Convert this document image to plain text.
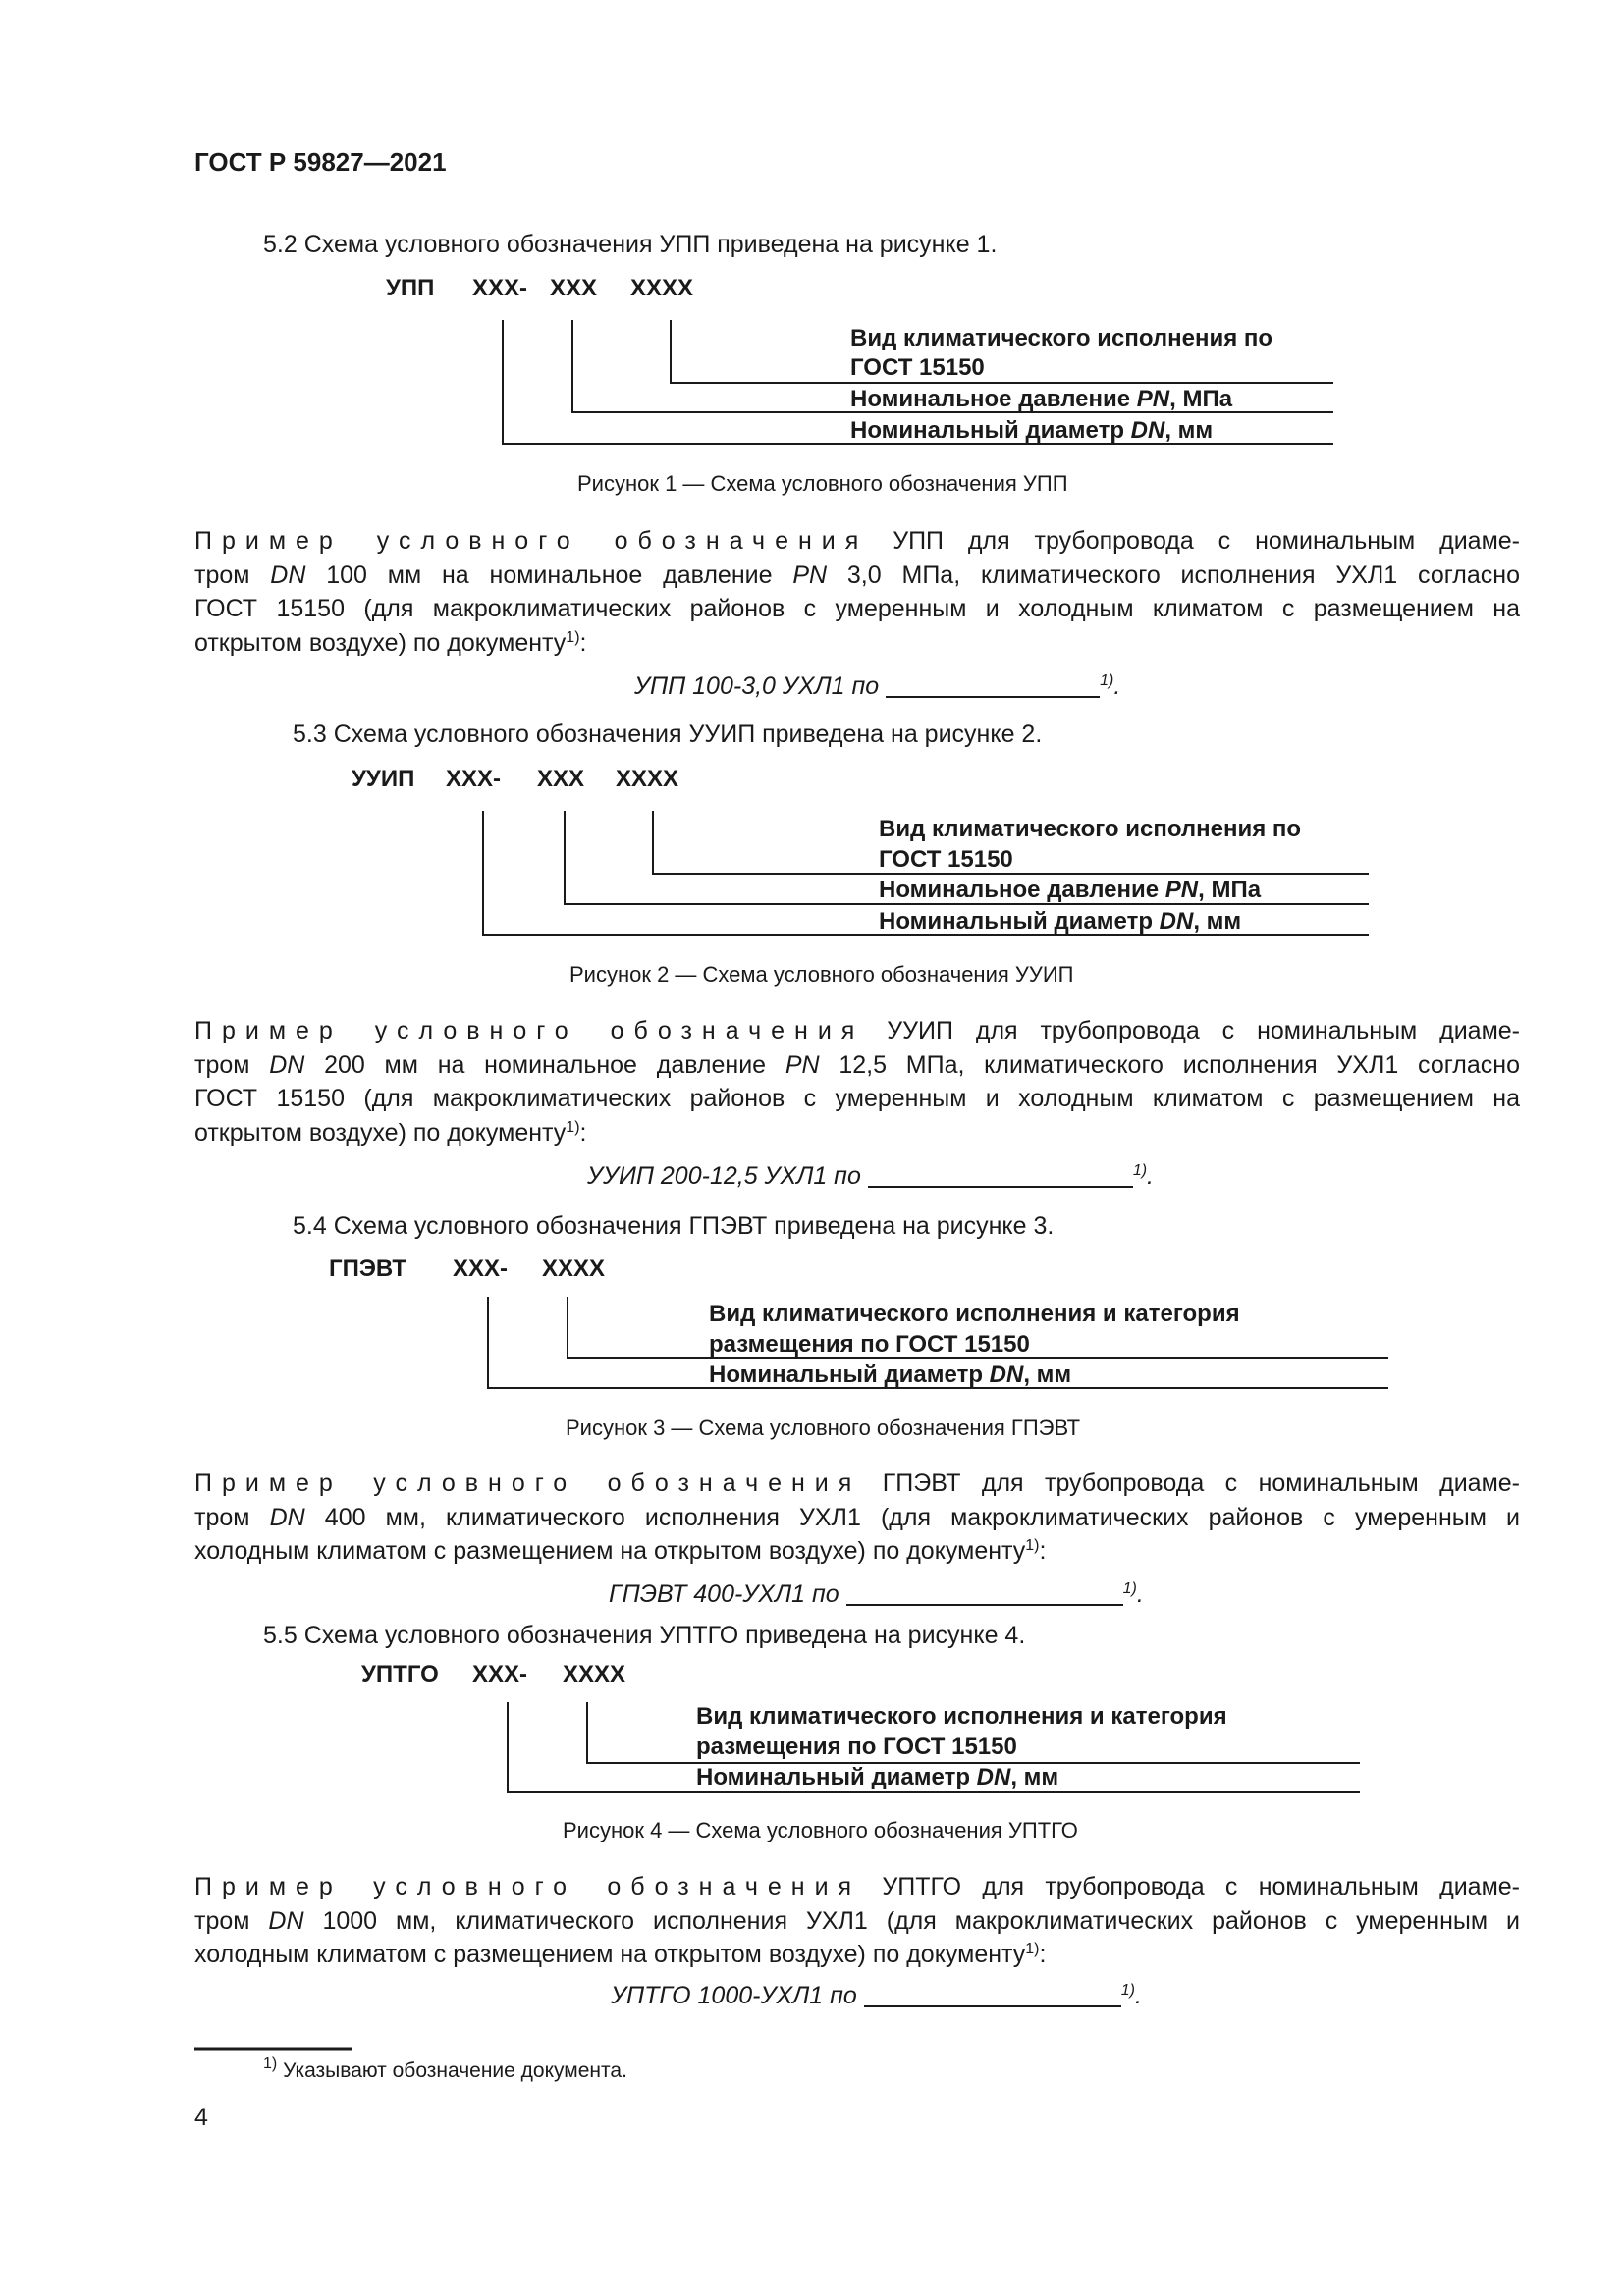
ГОСТ Р 59827—2021
5.2 Схема условного обозначения УПП приведена на рисунке 1.
УПП ХХХ- ХХХ ХХХХ
Вид климатического исполнения по
ГОСТ 15150
Номинальное давление PN, МПа
Номинальный диаметр DN, мм
Рисунок 1 — Схема условного обозначения УПП
Пример условного обозначения УПП для трубопровода с номинальным диаме-
тром DN 100 мм на номинальное давление PN 3,0 МПа, климатического исполнения УХЛ1 согласно
ГОСТ 15150 (для макроклиматических районов с умеренным и холодным климатом с размещением на
открытом воздухе) по документу$^{1)}$:
УПП 100-3,0 УХЛ1 по	$^{1)}$.
5.3 Схема условного обозначения УУИП приведена на рисунке 2.
УУИП ХХХ- ХХХ ХХХХ
Вид климатического исполнения по
ГОСТ 15150
Номинальное давление PN, МПа
Номинальный диаметр DN, мм
Рисунок 2 — Схема условного обозначения УУИП
Пример условного обозначения УУИП для трубопровода с номинальным диаме-
тром DN 200 мм на номинальное давление PN 12,5 МПа, климатического исполнения УХЛ1 согласно
ГОСТ 15150 (для макроклиматических районов с умеренным и холодным климатом с размещением на
открытом воздухе) по документу$^{1)}$:
УУИП 200-12,5 УХЛ1 по	$^{1)}$.
5.4 Схема условного обозначения ГПЭВТ приведена на рисунке 3.
ГПЭВТ ХХХ- ХХХХ
Вид климатического исполнения и категория
размещения по ГОСТ 15150
Номинальный диаметр DN, мм
Рисунок 3 — Схема условного обозначения ГПЭВТ
Пример условного обозначения ГПЭВТ для трубопровода с номинальным диаме-
тром DN 400 мм, климатического исполнения УХЛ1 (для макроклиматических районов с умеренным и
холодным климатом с размещением на открытом воздухе) по документу$^{1)}$:
ГПЭВТ 400-УХЛ1 по	$^{1)}$.
5.5 Схема условного обозначения УПТГО приведена на рисунке 4.
УПТГО ХХХ- ХХХХ
Вид климатического исполнения и категория
размещения по ГОСТ 15150
Номинальный диаметр DN, мм
Рисунок 4 — Схема условного обозначения УПТГО
Пример условного обозначения УПТГО для трубопровода с номинальным диаме-
тром DN 1000 мм, климатического исполнения УХЛ1 (для макроклиматических районов с умеренным и
холодным климатом с размещением на открытом воздухе) по документу$^{1)}$:
УПТГО 1000-УХЛ1 по	$^{1)}$.
$^{1)}$ Указывают обозначение документа.
4
